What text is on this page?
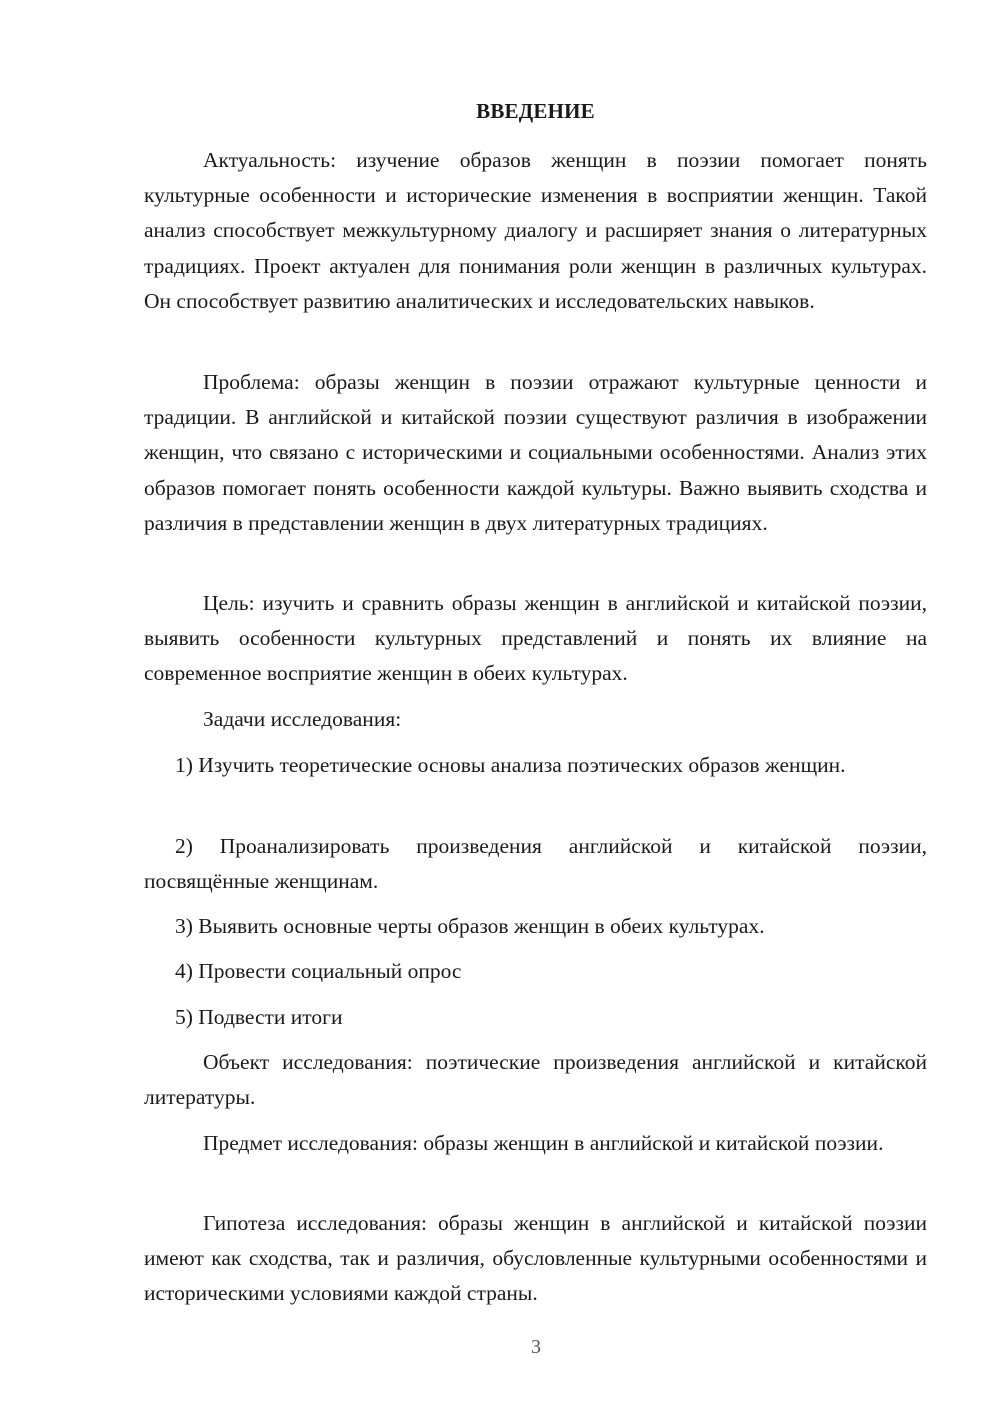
ВВЕДЕНИЕ

Актуальность: изучение образов женщин в поэзии помогает понять культурные особенности и исторические изменения в восприятии женщин. Такой анализ способствует межкультурному диалогу и расширяет знания о литературных традициях. Проект актуален для понимания роли женщин в различных культурах. Он способствует развитию аналитических и исследовательских навыков.

Проблема: образы женщин в поэзии отражают культурные ценности и традиции. В английской и китайской поэзии существуют различия в изображении женщин, что связано с историческими и социальными особенностями. Анализ этих образов помогает понять особенности каждой культуры. Важно выявить сходства и различия в представлении женщин в двух литературных традициях.

Цель: изучить и сравнить образы женщин в английской и китайской поэзии, выявить особенности культурных представлений и понять их влияние на современное восприятие женщин в обеих культурах.

Задачи исследования:

1) Изучить теоретические основы анализа поэтических образов женщин.

2) Проанализировать произведения английской и китайской поэзии, посвящённые женщинам.

3) Выявить основные черты образов женщин в обеих культурах.

4) Провести социальный опрос

5) Подвести итоги

Объект исследования: поэтические произведения английской и китайской литературы.

Предмет исследования: образы женщин в английской и китайской поэзии.

Гипотеза исследования: образы женщин в английской и китайской поэзии имеют как сходства, так и различия, обусловленные культурными особенностями и историческими условиями каждой страны.

3
